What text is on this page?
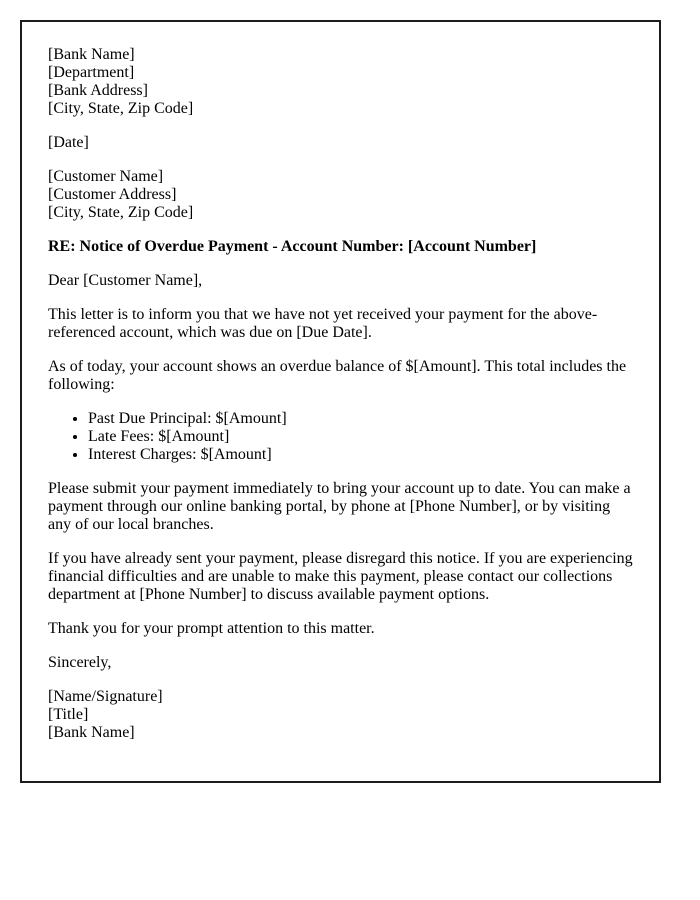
[Bank Name]
[Department]
[Bank Address]
[City, State, Zip Code]
[Date]
[Customer Name]
[Customer Address]
[City, State, Zip Code]
RE: Notice of Overdue Payment - Account Number: [Account Number]
Dear [Customer Name],
This letter is to inform you that we have not yet received your payment for the above-referenced account, which was due on [Due Date].
As of today, your account shows an overdue balance of $[Amount]. This total includes the following:
• Past Due Principal: $[Amount]
• Late Fees: $[Amount]
• Interest Charges: $[Amount]
Please submit your payment immediately to bring your account up to date. You can make a payment through our online banking portal, by phone at [Phone Number], or by visiting any of our local branches.
If you have already sent your payment, please disregard this notice. If you are experiencing financial difficulties and are unable to make this payment, please contact our collections department at [Phone Number] to discuss available payment options.
Thank you for your prompt attention to this matter.
Sincerely,
[Name/Signature]
[Title]
[Bank Name]
